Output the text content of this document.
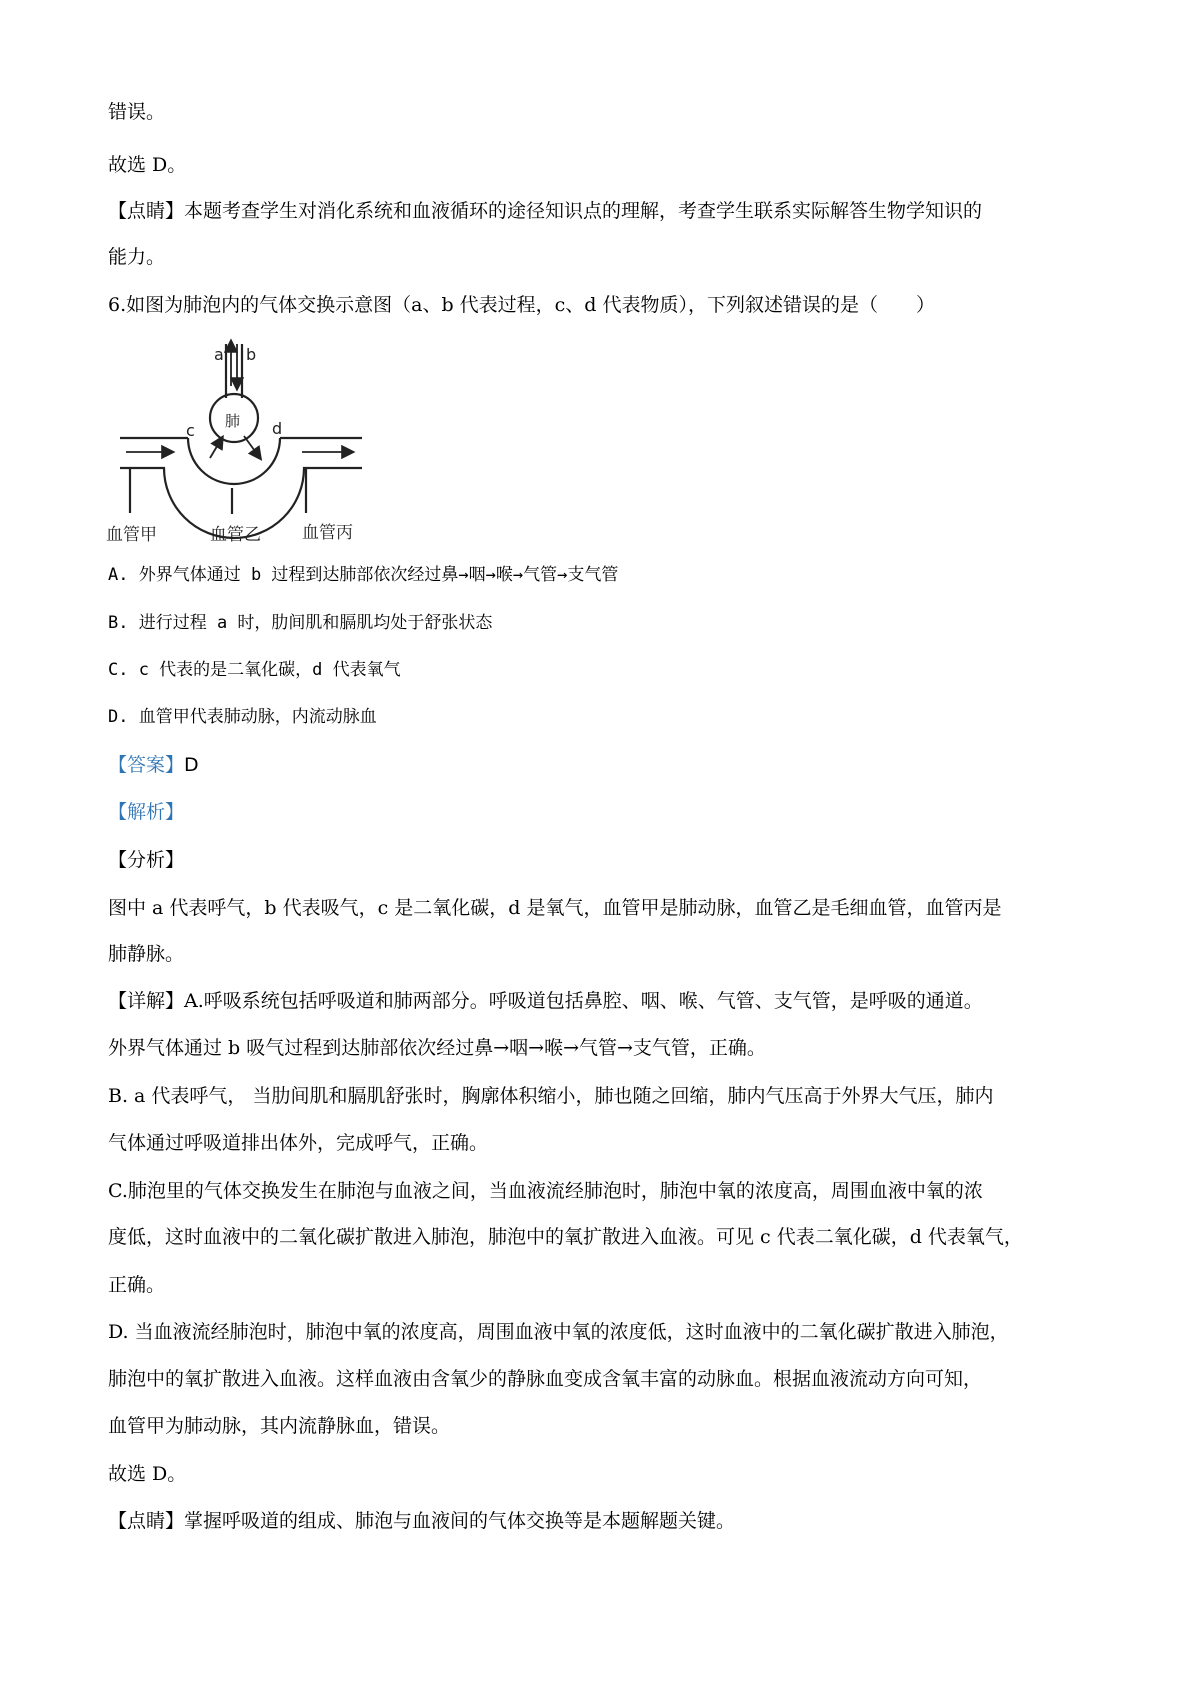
错误。
故选 D。
【点睛】本题考查学生对消化系统和血液循环的途径知识点的理解，考查学生联系实际解答生物学知识的
能力。
6.如图为肺泡内的气体交换示意图（a、b 代表过程，c、d 代表物质），下列叙述错误的是（　　）
a b
c	d
肺
血管甲	血管乙 血管丙
A. 外界气体通过 b 过程到达肺部依次经过鼻→咽→喉→气管→支气管
B. 进行过程 a 时，肋间肌和膈肌均处于舒张状态
C. c 代表的是二氧化碳，d 代表氧气
D. 血管甲代表肺动脉，内流动脉血
【答案】D
【解析】
【分析】
图中 a 代表呼气，b 代表吸气，c 是二氧化碳，d 是氧气，血管甲是肺动脉，血管乙是毛细血管，血管丙是
肺静脉。
【详解】A.呼吸系统包括呼吸道和肺两部分。呼吸道包括鼻腔、咽、喉、气管、支气管，是呼吸的通道。
外界气体通过 b 吸气过程到达肺部依次经过鼻→咽→喉→气管→支气管，正确。
B. a 代表呼气， 当肋间肌和膈肌舒张时，胸廓体积缩小，肺也随之回缩，肺内气压高于外界大气压，肺内
气体通过呼吸道排出体外，完成呼气，正确。
C.肺泡里的气体交换发生在肺泡与血液之间，当血液流经肺泡时，肺泡中氧的浓度高，周围血液中氧的浓
度低，这时血液中的二氧化碳扩散进入肺泡，肺泡中的氧扩散进入血液。可见 c 代表二氧化碳，d 代表氧气，
正确。
D. 当血液流经肺泡时，肺泡中氧的浓度高，周围血液中氧的浓度低，这时血液中的二氧化碳扩散进入肺泡，
肺泡中的氧扩散进入血液。这样血液由含氧少的静脉血变成含氧丰富的动脉血。根据血液流动方向可知，
血管甲为肺动脉，其内流静脉血，错误。
故选 D。
【点睛】掌握呼吸道的组成、肺泡与血液间的气体交换等是本题解题关键。
